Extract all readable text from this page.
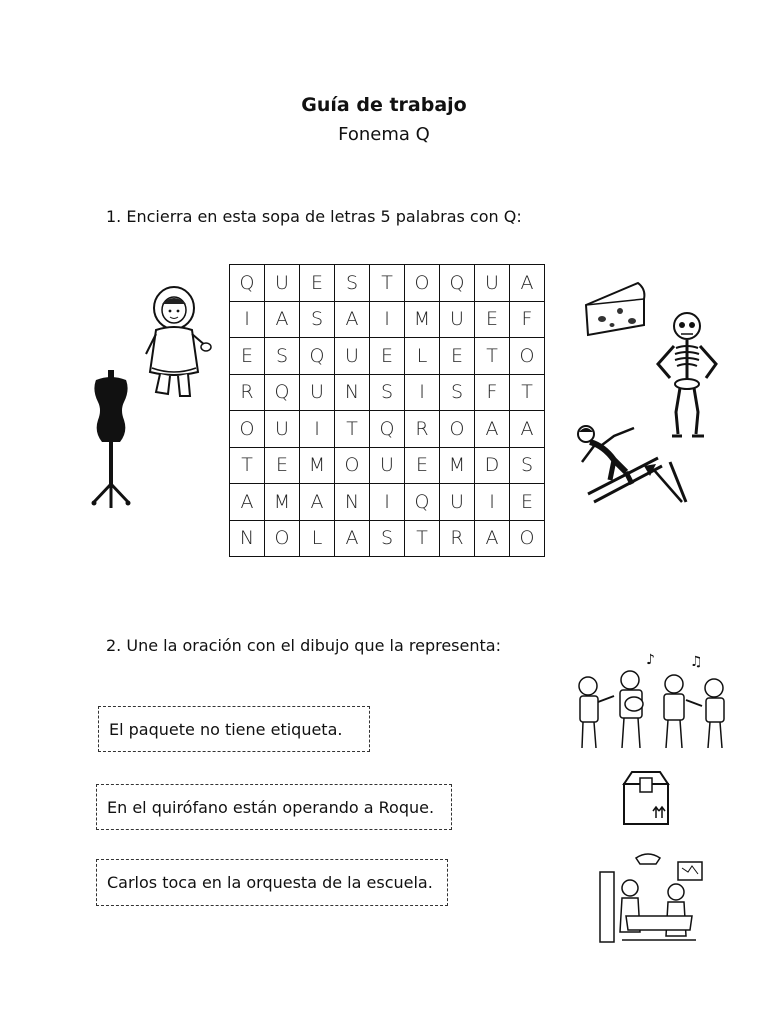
Guía de trabajo
Fonema Q
1. Encierra en esta sopa de letras 5 palabras con Q:
Q	U	E	S	T	O	Q	U	A
I	A	S	A	I	M	U	E	F
E	S	Q	U	E	L	E	T	O
R	Q	U	N	S	I	S	F	T
O	U	I	T	Q	R	O	A	A
T	E	M	O	U	E	M	D	S
A	M	A	N	I	Q	U	I	E
N	O	L	A	S	T	R	A	O
2. Une la oración con el dibujo que la representa:
El paquete no tiene etiqueta.
En el quirófano están operando a Roque.
Carlos toca en la orquesta de la escuela.
♪	♫
